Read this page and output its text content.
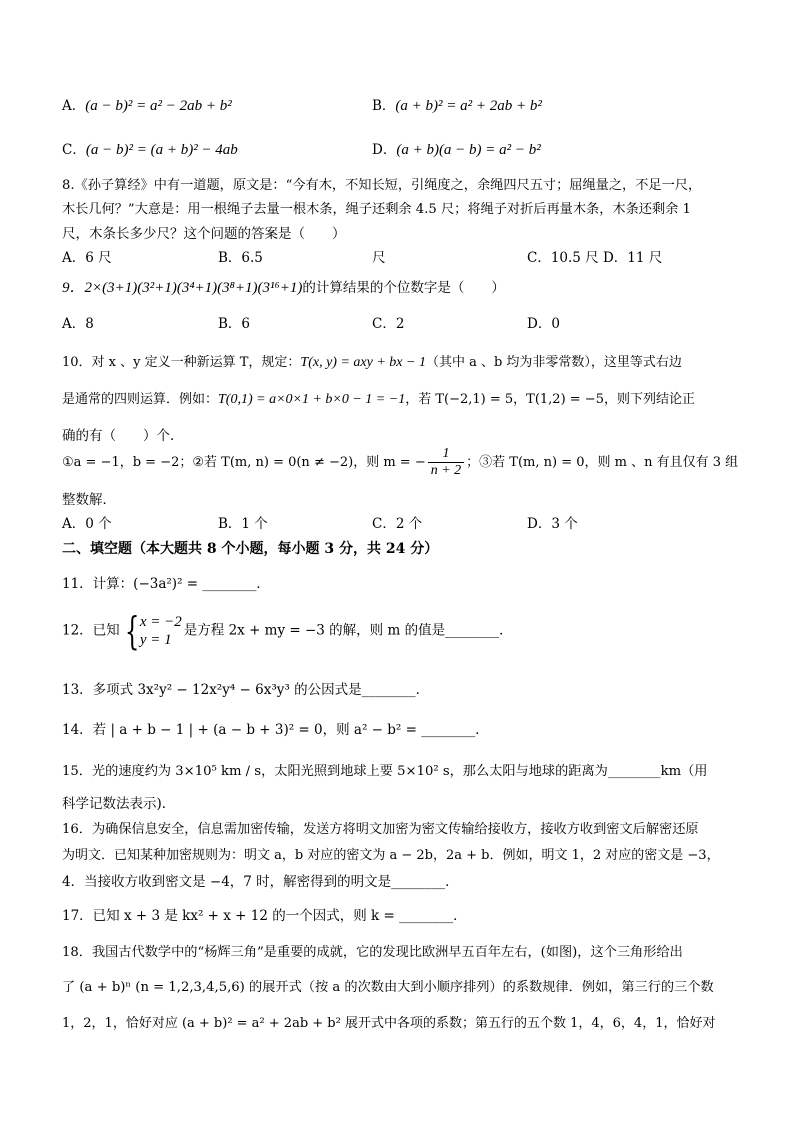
A．(a − b)² = a² − 2ab + b²	B．(a + b)² = a² + 2ab + b²
C．(a − b)² = (a + b)² − 4ab	D．(a + b)(a − b) = a² − b²
8.《孙子算经》中有一道题，原文是：“今有木，不知长短，引绳度之，余绳四尺五寸；屈绳量之，不足一尺，
木长几何？”大意是：用一根绳子去量一根木条，绳子还剩余 4.5 尺；将绳子对折后再量木条，木条还剩余 1
尺，木条长多少尺？这个问题的答案是（　　）
A．6 尺	B．6.5	尺	C．10.5 尺 D．11 尺
9．2×(3+1)(3²+1)(3⁴+1)(3⁸+1)(3¹⁶+1)的计算结果的个位数字是（　　）
A．8	B．6	C．2	D．0
10．对 x 、y 定义一种新运算 T，规定：T(x, y) = axy + bx − 1（其中 a 、b 均为非零常数），这里等式右边
是通常的四则运算．例如：T(0,1) = a×0×1 + b×0 − 1 = −1，若 T(−2,1) = 5，T(1,2) = −5，则下列结论正
确的有（　　）个．
①a = −1，b = −2；②若 T(m, n) = 0(n ≠ −2)，则 m = − $\frac{1}{n + 2}$ ；③若 T(m, n) = 0，则 m 、n 有且仅有 3 组
整数解．
A．0 个	B．1 个	C．2 个	D．3 个
二、填空题（本大题共 8 个小题，每小题 3 分，共 24 分）
11．计算：(−3a²)² = ________．
12．已知 { x = −2
y = 1
是方程 2x + my = −3 的解，则 m 的值是________．
13．多项式 3x²y² − 12x²y⁴ − 6x³y³ 的公因式是________．
14．若 | a + b − 1 | + (a − b + 3)² = 0，则 a² − b² = ________．
15．光的速度约为 3×10⁵ km / s，太阳光照到地球上要 5×10² s，那么太阳与地球的距离为________km（用
科学记数法表示)．
16．为确保信息安全，信息需加密传输，发送方将明文加密为密文传输给接收方，接收方收到密文后解密还原
为明文．已知某种加密规则为：明文 a，b 对应的密文为 a − 2b，2a + b．例如，明文 1，2 对应的密文是 −3，
4．当接收方收到密文是 −4，7 时，解密得到的明文是________．
17．已知 x + 3 是 kx² + x + 12 的一个因式，则 k = ________．
18．我国古代数学中的“杨辉三角”是重要的成就，它的发现比欧洲早五百年左右，(如图)，这个三角形给出
了 (a + b)ⁿ (n = 1,2,3,4,5,6) 的展开式（按 a 的次数由大到小顺序排列）的系数规律．例如，第三行的三个数
1，2，1，恰好对应 (a + b)² = a² + 2ab + b² 展开式中各项的系数；第五行的五个数 1，4，6，4，1，恰好对
